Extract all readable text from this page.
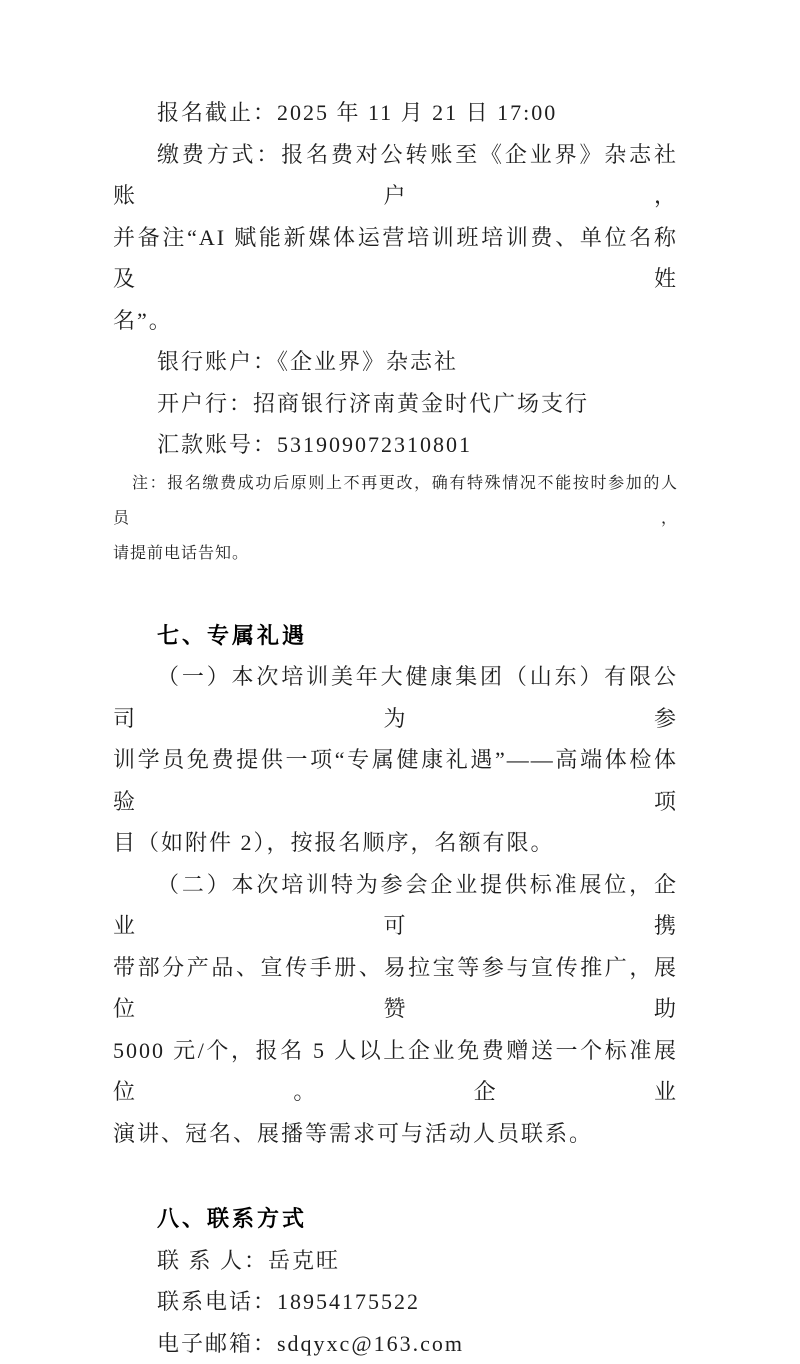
报名截止：2025 年 11 月 21 日 17:00

缴费方式：报名费对公转账至《企业界》杂志社账户，

并备注“AI 赋能新媒体运营培训班培训费、单位名称及姓

名”。

银行账户：《企业界》杂志社

开户行：招商银行济南黄金时代广场支行

汇款账号：531909072310801

注：报名缴费成功后原则上不再更改，确有特殊情况不能按时参加的人员，

请提前电话告知。

七、专属礼遇

（一）本次培训美年大健康集团（山东）有限公司为参

训学员免费提供一项“专属健康礼遇”——高端体检体验项

目（如附件 2），按报名顺序，名额有限。

（二）本次培训特为参会企业提供标准展位，企业可携

带部分产品、宣传手册、易拉宝等参与宣传推广，展位赞助

5000 元/个，报名 5 人以上企业免费赠送一个标准展位。企业

演讲、冠名、展播等需求可与活动人员联系。

八、联系方式

联 系 人：岳克旺

联系电话：18954175522

电子邮箱：sdqyxc@163.com
